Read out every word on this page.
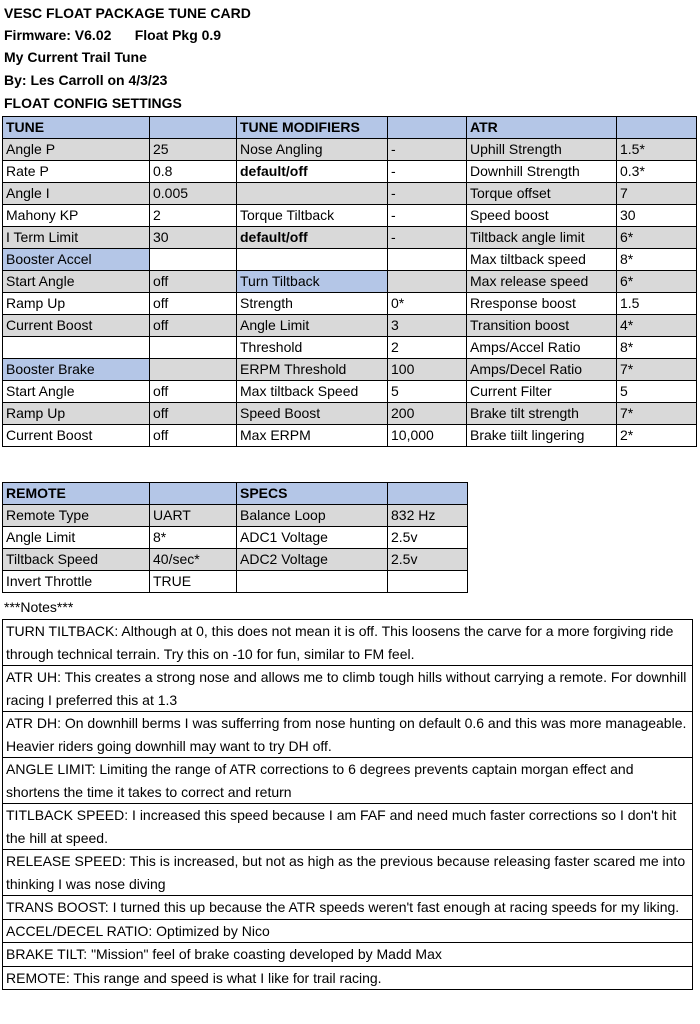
VESC FLOAT PACKAGE TUNE CARD
Firmware: V6.02 Float Pkg 0.9
My Current Trail Tune
By: Les Carroll on 4/3/23
FLOAT CONFIG SETTINGS
TUNE		TUNE MODIFIERS		ATR	
Angle P	25	Nose Angling	-	Uphill Strength	1.5*
Rate P	0.8	default/off	-	Downhill Strength	0.3*
Angle I	0.005		-	Torque offset	7
Mahony KP	2	Torque Tiltback	-	Speed boost	30
I Term Limit	30	default/off	-	Tiltback angle limit	6*
Booster Accel				Max tiltback speed	8*
Start Angle	off	Turn Tiltback		Max release speed	6*
Ramp Up	off	Strength	0*	Rresponse boost	1.5
Current Boost	off	Angle Limit	3	Transition boost	4*
		Threshold	2	Amps/Accel Ratio	8*
Booster Brake		ERPM Threshold	100	Amps/Decel Ratio	7*
Start Angle	off	Max tiltback Speed	5	Current Filter	5
Ramp Up	off	Speed Boost	200	Brake tilt strength	7*
Current Boost	off	Max ERPM	10,000	Brake tiilt lingering	2*
REMOTE		SPECS	
Remote Type	UART	Balance Loop	832 Hz
Angle Limit	8*	ADC1 Voltage	2.5v
Tiltback Speed	40/sec*	ADC2 Voltage	2.5v
Invert Throttle	TRUE		
***Notes***
TURN TILTBACK: Although at 0, this does not mean it is off. This loosens the carve for a more forgiving ride through technical terrain. Try this on -10 for fun, similar to FM feel.
ATR UH: This creates a strong nose and allows me to climb tough hills without carrying a remote. For downhill racing I preferred this at 1.3
ATR DH: On downhill berms I was sufferring from nose hunting on default 0.6 and this was more manageable. Heavier riders going downhill may want to try DH off.
ANGLE LIMIT: Limiting the range of ATR corrections to 6 degrees prevents captain morgan effect and shortens the time it takes to correct and return
TITLBACK SPEED: I increased this speed because I am FAF and need much faster corrections so I don't hit the hill at speed.
RELEASE SPEED: This is increased, but not as high as the previous because releasing faster scared me into thinking I was nose diving
TRANS BOOST: I turned this up because the ATR speeds weren't fast enough at racing speeds for my liking.
ACCEL/DECEL RATIO: Optimized by Nico
BRAKE TILT: "Mission" feel of brake coasting developed by Madd Max
REMOTE: This range and speed is what I like for trail racing.
